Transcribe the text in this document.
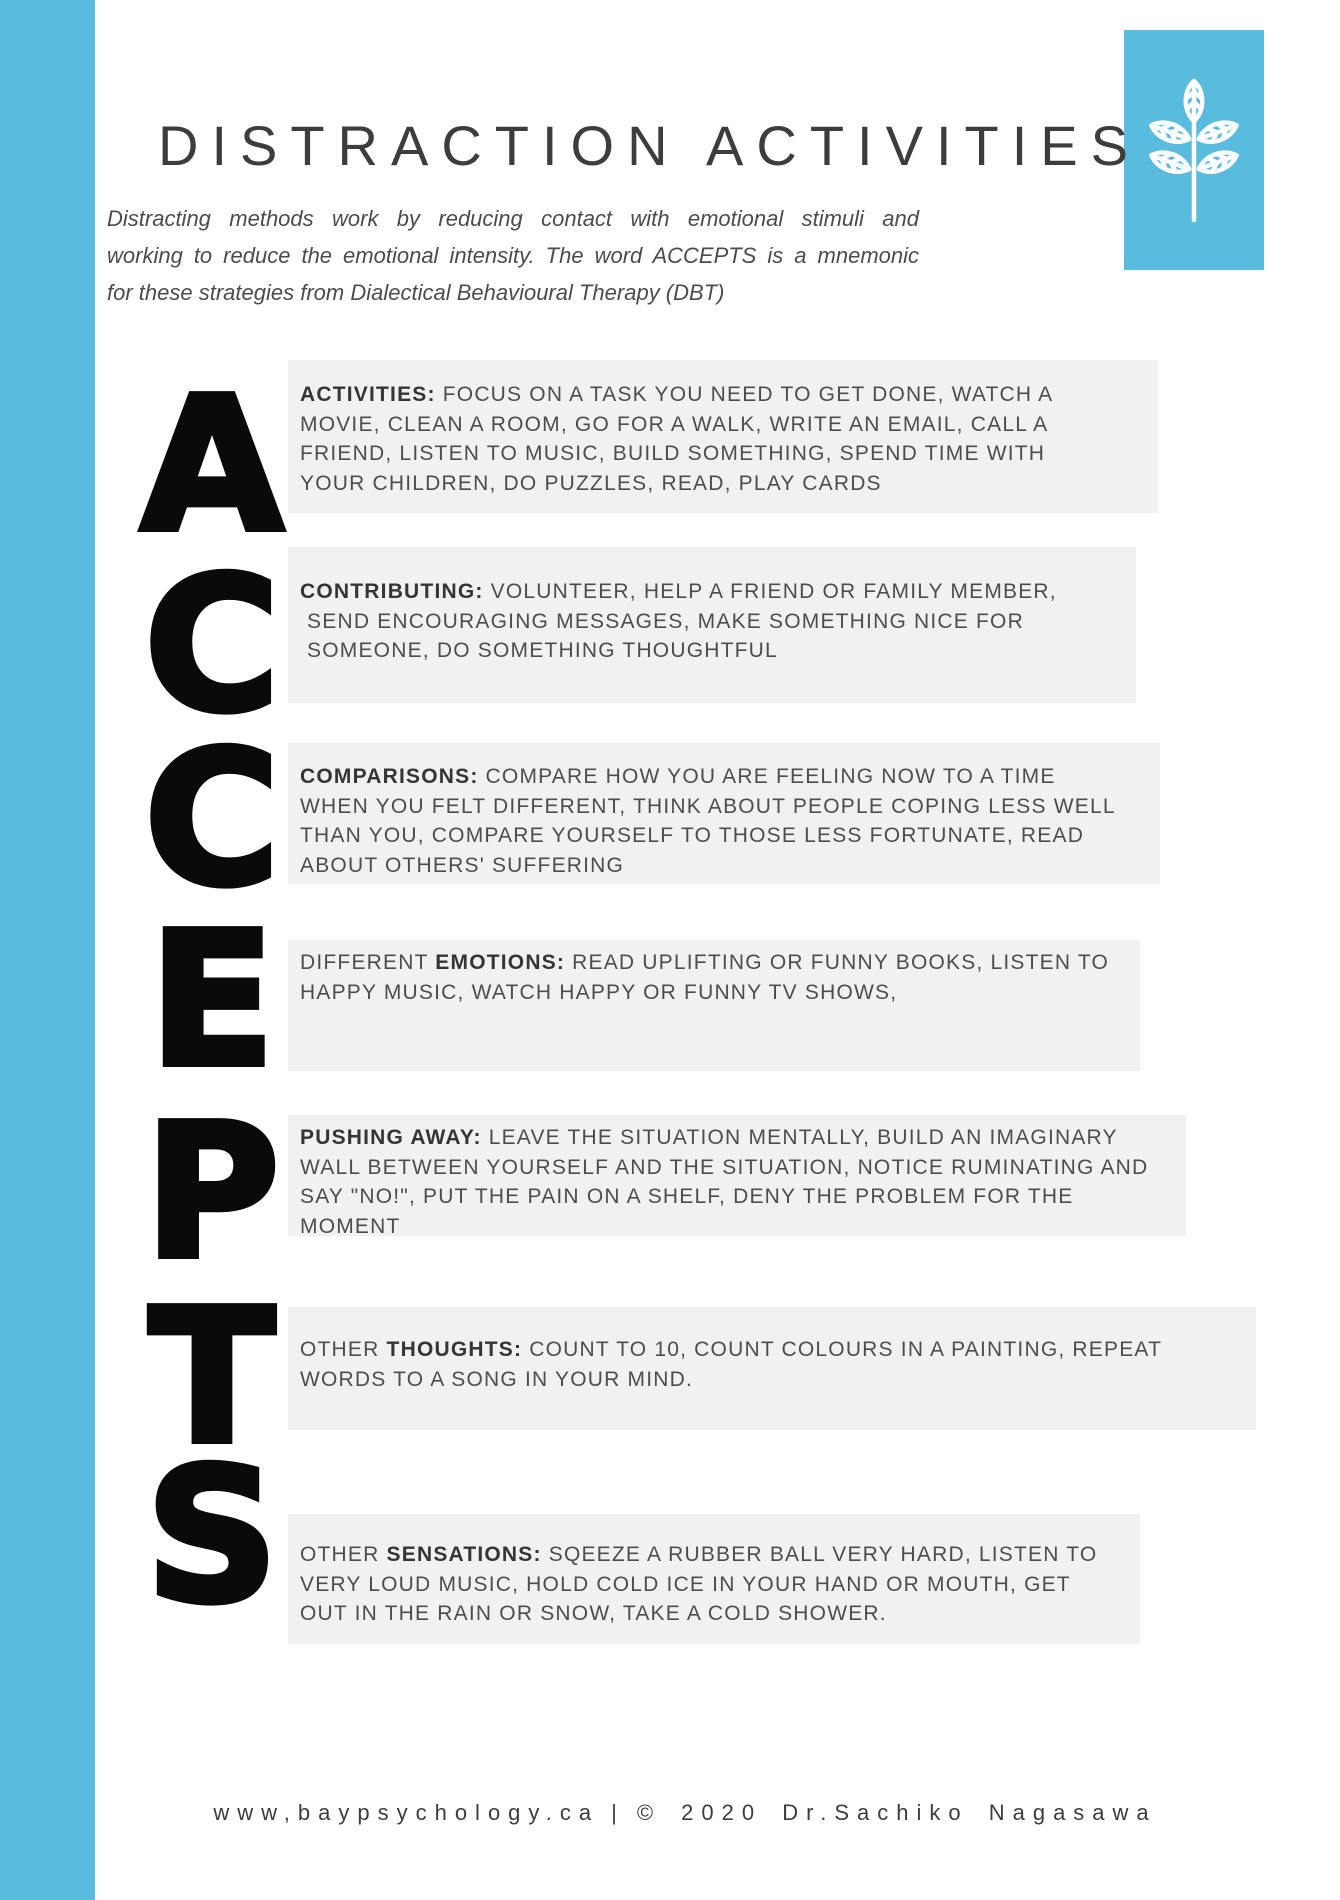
DISTRACTION ACTIVITIES
Distracting methods work by reducing contact with emotional stimuli and
working to reduce the emotional intensity. The word ACCEPTS is a mnemonic
for these strategies from Dialectical Behavioural Therapy (DBT)
A ACTIVITIES: FOCUS ON A TASK YOU NEED TO GET DONE, WATCH A
MOVIE, CLEAN A ROOM, GO FOR A WALK, WRITE AN EMAIL, CALL A
FRIEND, LISTEN TO MUSIC, BUILD SOMETHING, SPEND TIME WITH
YOUR CHILDREN, DO PUZZLES, READ, PLAY CARDS
C CONTRIBUTING: VOLUNTEER, HELP A FRIEND OR FAMILY MEMBER,
SEND ENCOURAGING MESSAGES, MAKE SOMETHING NICE FOR
SOMEONE, DO SOMETHING THOUGHTFUL
C COMPARISONS: COMPARE HOW YOU ARE FEELING NOW TO A TIME
WHEN YOU FELT DIFFERENT, THINK ABOUT PEOPLE COPING LESS WELL
THAN YOU, COMPARE YOURSELF TO THOSE LESS FORTUNATE, READ
ABOUT OTHERS' SUFFERING
E	DIFFERENT EMOTIONS: READ UPLIFTING OR FUNNY BOOKS, LISTEN TO
HAPPY MUSIC, WATCH HAPPY OR FUNNY TV SHOWS,
P PUSHING AWAY: LEAVE THE SITUATION MENTALLY, BUILD AN IMAGINARY
WALL BETWEEN YOURSELF AND THE SITUATION, NOTICE RUMINATING AND
SAY "NO!", PUT THE PAIN ON A SHELF, DENY THE PROBLEM FOR THE
MOMENT
T	OTHER THOUGHTS: COUNT TO 10, COUNT COLOURS IN A PAINTING, REPEAT
WORDS TO A SONG IN YOUR MIND.
S	OTHER SENSATIONS: SQEEZE A RUBBER BALL VERY HARD, LISTEN TO
VERY LOUD MUSIC, HOLD COLD ICE IN YOUR HAND OR MOUTH, GET
OUT IN THE RAIN OR SNOW, TAKE A COLD SHOWER.
www,baypsychology.ca | © 2020 Dr.Sachiko Nagasawa
